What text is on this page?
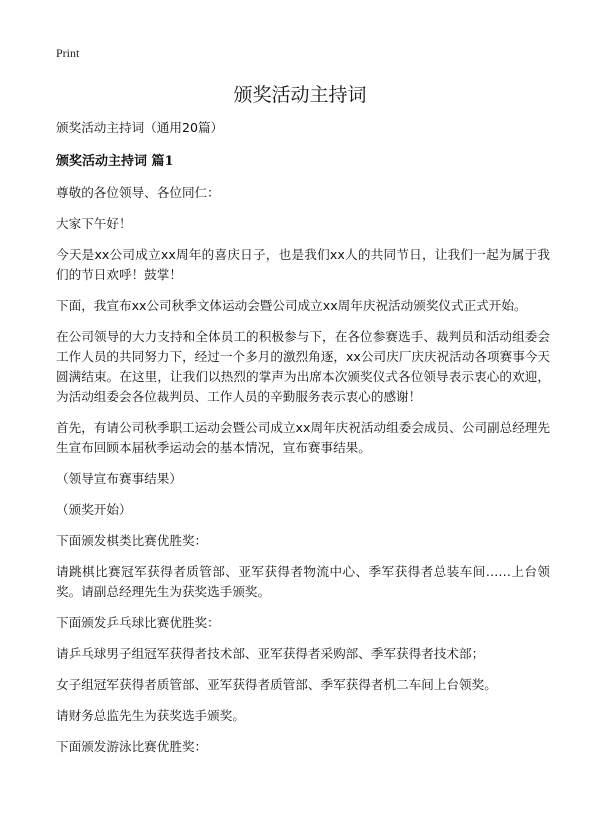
Print
颁奖活动主持词

颁奖活动主持词（通用20篇）

颁奖活动主持词 篇1

尊敬的各位领导、各位同仁：

大家下午好！

今天是xx公司成立xx周年的喜庆日子，也是我们xx人的共同节日，让我们一起为属于我们的节日欢呼！鼓掌！

下面，我宣布xx公司秋季文体运动会暨公司成立xx周年庆祝活动颁奖仪式正式开始。

在公司领导的大力支持和全体员工的积极参与下，在各位参赛选手、裁判员和活动组委会工作人员的共同努力下，经过一个多月的激烈角逐，xx公司庆厂庆庆祝活动各项赛事今天圆满结束。在这里，让我们以热烈的掌声为出席本次颁奖仪式各位领导表示衷心的欢迎，为活动组委会各位裁判员、工作人员的辛勤服务表示衷心的感谢！

首先，有请公司秋季职工运动会暨公司成立xx周年庆祝活动组委会成员、公司副总经理先生宣布回顾本届秋季运动会的基本情况，宣布赛事结果。

（领导宣布赛事结果）

（颁奖开始）

下面颁发棋类比赛优胜奖：

请跳棋比赛冠军获得者质管部、亚军获得者物流中心、季军获得者总装车间……上台领奖。请副总经理先生为获奖选手颁奖。

下面颁发乒乓球比赛优胜奖：

请乒乓球男子组冠军获得者技术部、亚军获得者采购部、季军获得者技术部；

女子组冠军获得者质管部、亚军获得者质管部、季军获得者机二车间上台领奖。

请财务总监先生为获奖选手颁奖。

下面颁发游泳比赛优胜奖：
